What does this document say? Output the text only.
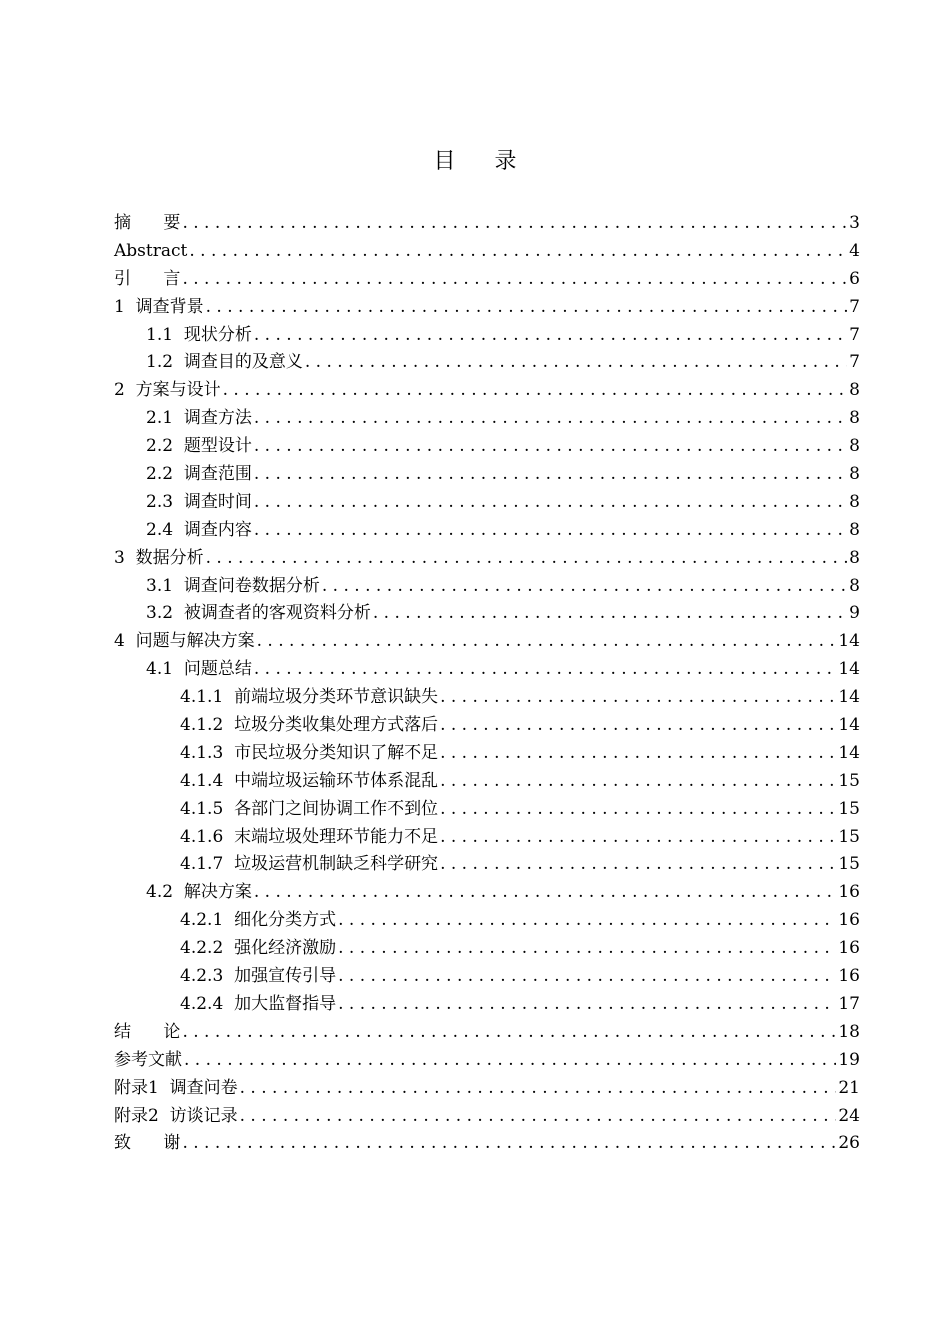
目 录
摘      要 . . .	3
Abstract . . .	4
引      言 . . .	6
1  调查背景 . . .	7
1.1  现状分析 . . .	7
1.2  调查目的及意义 . . .	7
2  方案与设计 . . .	8
2.1  调查方法 . . .	8
2.2  题型设计 . . .	8
2.2  调查范围 . . .	8
2.3  调查时间 . . .	8
2.4  调查内容 . . .	8
3  数据分析 . . .	8
3.1  调查问卷数据分析 . . .	8
3.2  被调查者的客观资料分析 . . .	9
4  问题与解决方案 . . .	14
4.1  问题总结 . . .	14
4.1.1  前端垃圾分类环节意识缺失 . . .	14
4.1.2  垃圾分类收集处理方式落后 . . .	14
4.1.3  市民垃圾分类知识了解不足 . . .	14
4.1.4  中端垃圾运输环节体系混乱 . . .	15
4.1.5  各部门之间协调工作不到位 . . .	15
4.1.6  末端垃圾处理环节能力不足 . . .	15
4.1.7  垃圾运营机制缺乏科学研究 . . .	15
4.2  解决方案 . . .	16
4.2.1  细化分类方式 . . .	16
4.2.2  强化经济激励 . . .	16
4.2.3  加强宣传引导 . . .	16
4.2.4  加大监督指导 . . .	17
结      论 . . .	18
参考文献 . . .	19
附录1  调查问卷 . . .	21
附录2  访谈记录 . . .	24
致      谢 . . .	26
